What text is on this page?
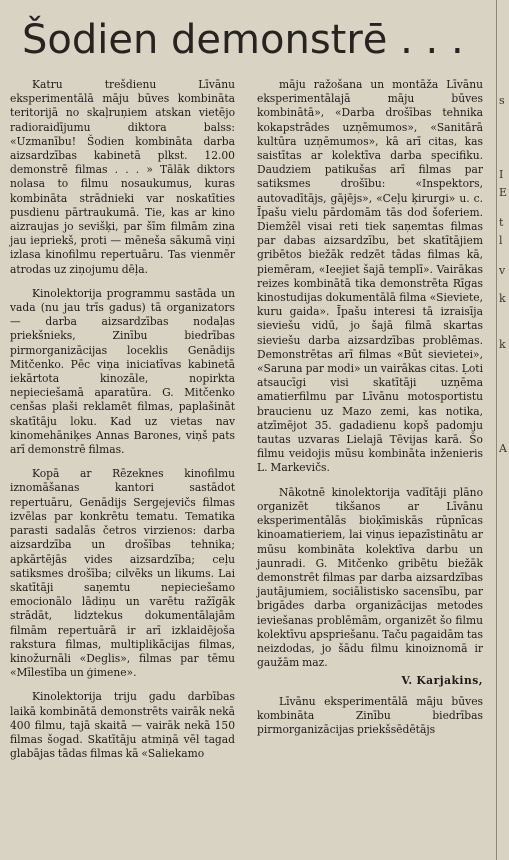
Šodien demonstrē . . .

Katru trešdienu Līvānu eksperimentālā māju būves kombināta teritorijā no skaļruņiem atskan vietējo radioraidījumu diktora balss: «Uzmanību! Šodien kombināta darba aizsardzības kabinetā plkst. 12.00 demonstrē filmas . . . » Tālāk diktors nolasa to filmu nosaukumus, kuras kombināta strādnieki var noskatīties pusdienu pārtraukumā. Tie, kas ar kino aizraujas jo sevišķi, par šīm filmām zina jau iepriekš, proti — mēneša sākumā viņi izlasa kinofilmu repertuāru. Tas vienmēr atrodas uz ziņojumu dēļa.

Kinolektorija programmu sastāda un vada (nu jau trīs gadus) tā organizators — darba aizsardzības nodaļas priekšnieks, Zinību biedrības pirmorganizācijas loceklis Genādijs Mitčenko. Pēc viņa iniciatīvas kabinetā iekārtota kinozāle, nopirkta nepieciešamā aparatūra. G. Mitčenko cenšas plaši reklamēt filmas, paplašināt skatītāju loku. Kad uz vietas nav kinomehāniķes Annas Barones, viņš pats arī demonstrē filmas.

Kopā ar Rēzeknes kinofilmu iznomāšanas kantori sastādot repertuāru, Genādijs Sergejevičs filmas izvēlas par konkrētu tematu. Tematika parasti sadalās četros virzienos: darba aizsardzība un drošības tehnika; apkārtējās vides aizsardzība; ceļu satiksmes drošība; cilvēks un likums. Lai skatītāji saņemtu nepieciešamo emocionālo lādiņu un varētu ražīgāk strādāt, lidztekus dokumentālajām filmām repertuārā ir arī izklaidējoša rakstura filmas, multiplikācijas filmas, kinožurnāli «Deglis», filmas par tēmu «Mīlestība un ģimene».

Kinolektorija triju gadu darbības laikā kombinātā demonstrēts vairāk nekā 400 filmu, tajā skaitā — vairāk nekā 150 filmas šogad. Skatītāju atmiņā vēl tagad glabājas tādas filmas kā «Saliekamo

māju ražošana un montāža Līvānu eksperimentālajā māju būves kombinātā», «Darba drošības tehnika kokapstrādes uzņēmumos», «Sanitārā kultūra uzņēmumos», kā arī citas, kas saistītas ar kolektīva darba specifiku. Daudziem patikušas arī filmas par satiksmes drošību: «Inspektors, autovadītājs, gājējs», «Ceļu ķirurgi» u. c. Īpašu vielu pārdomām tās dod šoferiem. Diemžēl visai reti tiek saņemtas filmas par dabas aizsardzību, bet skatītājiem gribētos biežāk redzēt tādas filmas kā, piemēram, «Ieejiet šajā templī». Vairākas reizes kombinātā tika demonstrēta Rīgas kinostudijas dokumentālā filma «Sieviete, kuru gaida». Īpašu interesi tā izraisīja sieviešu vidū, jo šajā filmā skartas sieviešu darba aizsardzības problēmas. Demonstrētas arī filmas «Būt sievietei», «Saruna par modi» un vairākas citas. Ļoti atsaucīgi visi skatītāji uzņēma amatierfilmu par Līvānu motosportistu braucienu uz Mazo zemi, kas notika, atzīmējot 35. gadadienu kopš padomju tautas uzvaras Lielajā Tēvijas karā. Šo filmu veidojis mūsu kombināta inženieris L. Markevičs.

Nākotnē kinolektorija vadītāji plāno organizēt tikšanos ar Līvānu eksperimentālās bioķīmiskās rūpnīcas kinoamatieriem, lai viņus iepazīstinātu ar mūsu kombināta kolektīva darbu un jaunradi. G. Mitčenko gribētu biežāk demonstrēt filmas par darba aizsardzības jautājumiem, sociālistisko sacensību, par brigādes darba organizācijas metodes ieviešanas problēmām, organizēt šo filmu kolektīvu apspriešanu. Taču pagaidām tas neizdodas, jo šādu filmu kinoiznomā ir gaužām maz.

V. Karjakins,

Līvānu eksperimentālā māju būves kombināta Zinību biedrības pirmorganizācijas priekšsēdētājs

s
I
E
t
l
v
k
k
A
